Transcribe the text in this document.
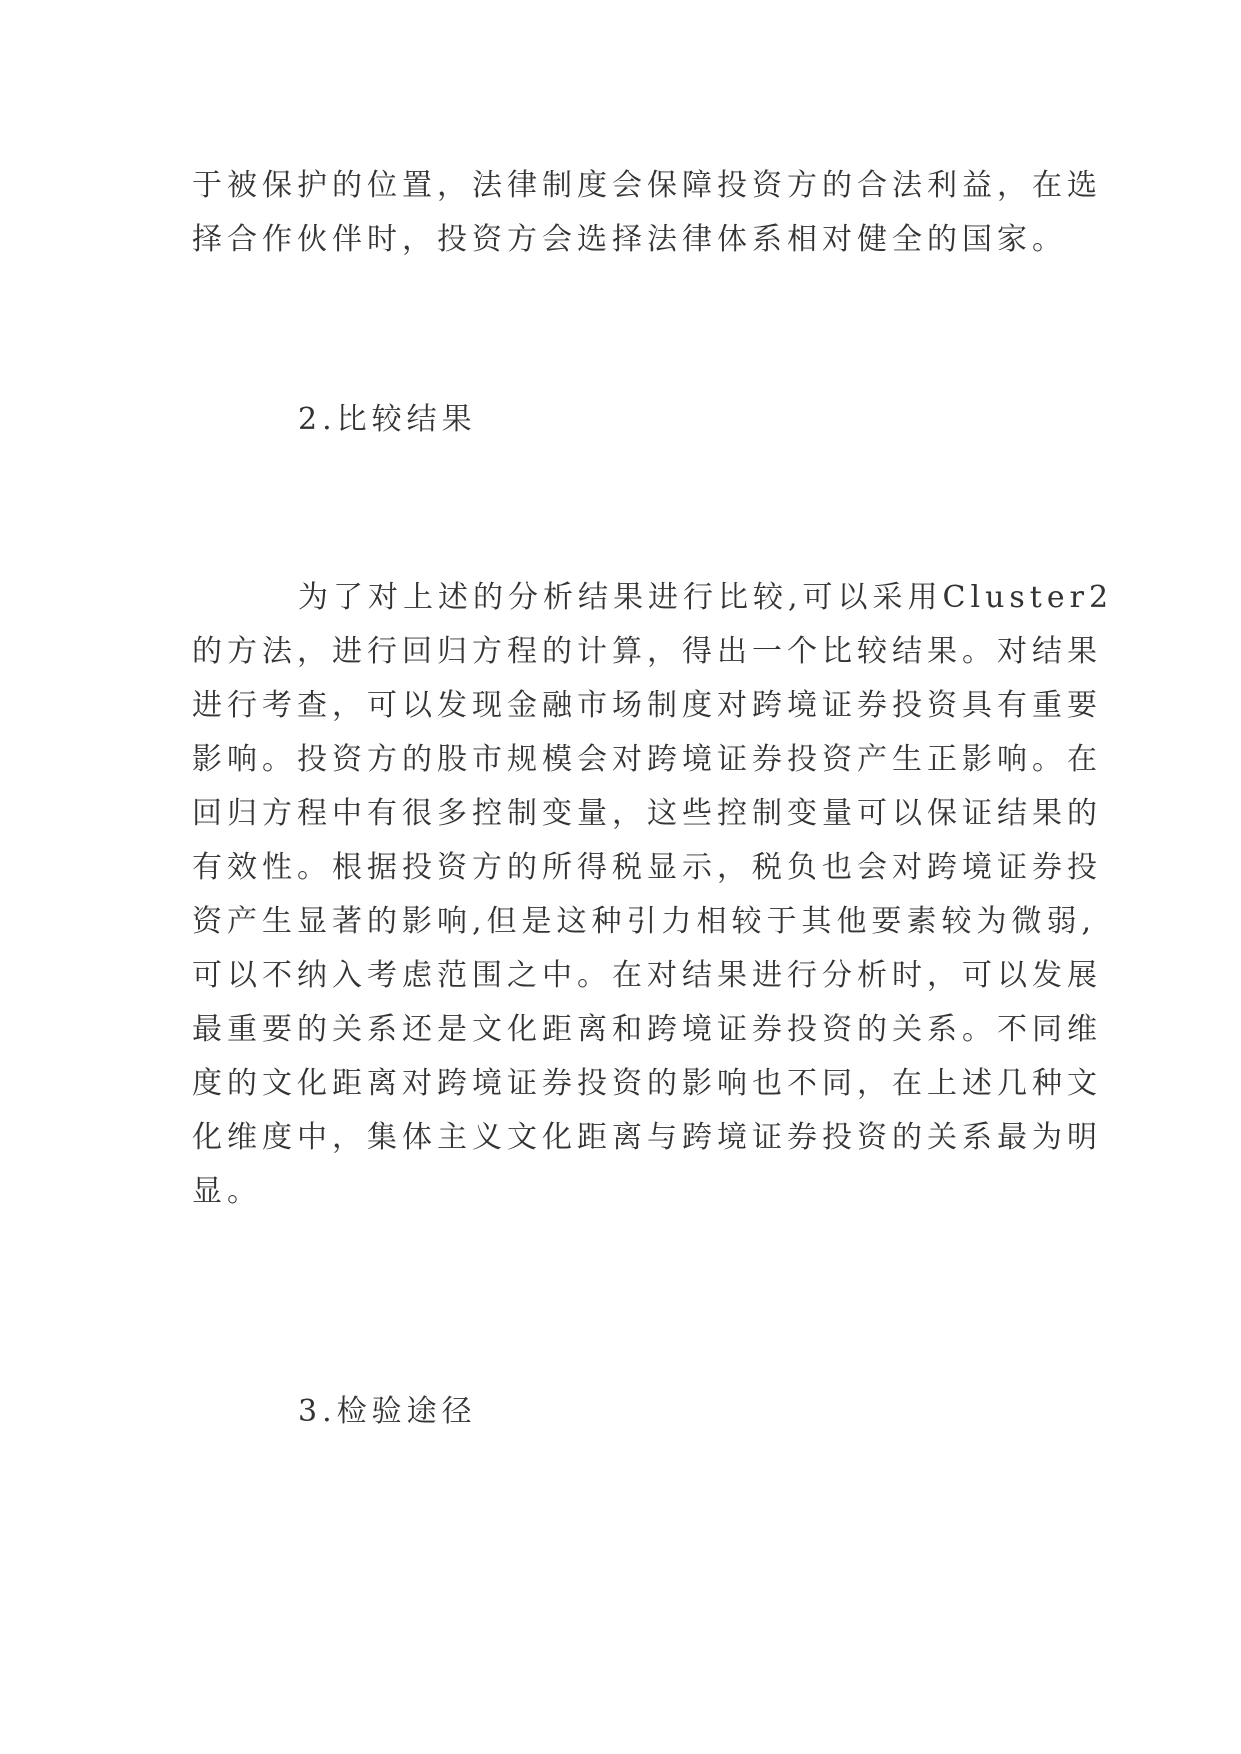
于被保护的位置，法律制度会保障投资方的合法利益，在选
择合作伙伴时，投资方会选择法律体系相对健全的国家。
2.比较结果
为了对上述的分析结果进行比较,可以采用Cluster2
的方法，进行回归方程的计算，得出一个比较结果。对结果
进行考查，可以发现金融市场制度对跨境证券投资具有重要
影响。投资方的股市规模会对跨境证券投资产生正影响。在
回归方程中有很多控制变量，这些控制变量可以保证结果的
有效性。根据投资方的所得税显示，税负也会对跨境证券投
资产生显著的影响,但是这种引力相较于其他要素较为微弱,
可以不纳入考虑范围之中。在对结果进行分析时，可以发展
最重要的关系还是文化距离和跨境证券投资的关系。不同维
度的文化距离对跨境证券投资的影响也不同，在上述几种文
化维度中，集体主义文化距离与跨境证券投资的关系最为明
显。
3.检验途径
